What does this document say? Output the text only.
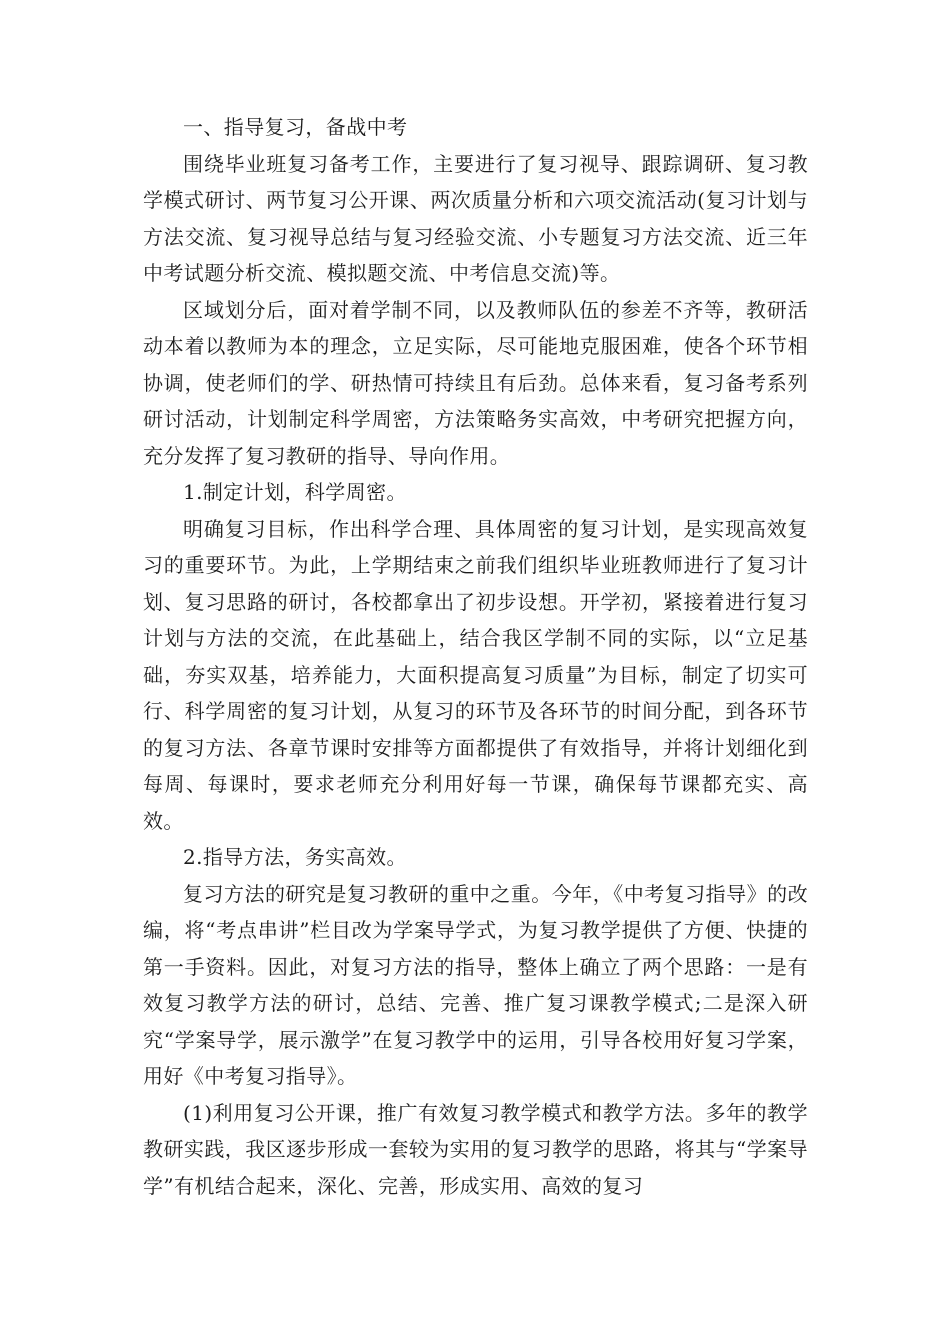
一、指导复习，备战中考

围绕毕业班复习备考工作，主要进行了复习视导、跟踪调研、复习教学模式研讨、两节复习公开课、两次质量分析和六项交流活动(复习计划与方法交流、复习视导总结与复习经验交流、小专题复习方法交流、近三年中考试题分析交流、模拟题交流、中考信息交流)等。

区域划分后，面对着学制不同，以及教师队伍的参差不齐等，教研活动本着以教师为本的理念，立足实际，尽可能地克服困难，使各个环节相协调，使老师们的学、研热情可持续且有后劲。总体来看，复习备考系列研讨活动，计划制定科学周密，方法策略务实高效，中考研究把握方向，充分发挥了复习教研的指导、导向作用。

1.制定计划，科学周密。

明确复习目标，作出科学合理、具体周密的复习计划，是实现高效复习的重要环节。为此，上学期结束之前我们组织毕业班教师进行了复习计划、复习思路的研讨，各校都拿出了初步设想。开学初，紧接着进行复习计划与方法的交流，在此基础上，结合我区学制不同的实际，以“立足基础，夯实双基，培养能力，大面积提高复习质量”为目标，制定了切实可行、科学周密的复习计划，从复习的环节及各环节的时间分配，到各环节的复习方法、各章节课时安排等方面都提供了有效指导，并将计划细化到每周、每课时，要求老师充分利用好每一节课，确保每节课都充实、高效。

2.指导方法，务实高效。

复习方法的研究是复习教研的重中之重。今年，《中考复习指导》的改编，将“考点串讲”栏目改为学案导学式，为复习教学提供了方便、快捷的第一手资料。因此，对复习方法的指导，整体上确立了两个思路：一是有效复习教学方法的研讨，总结、完善、推广复习课教学模式;二是深入研究“学案导学，展示激学”在复习教学中的运用，引导各校用好复习学案，用好《中考复习指导》。

(1)利用复习公开课，推广有效复习教学模式和教学方法。多年的教学教研实践，我区逐步形成一套较为实用的复习教学的思路，将其与“学案导学”有机结合起来，深化、完善，形成实用、高效的复习
